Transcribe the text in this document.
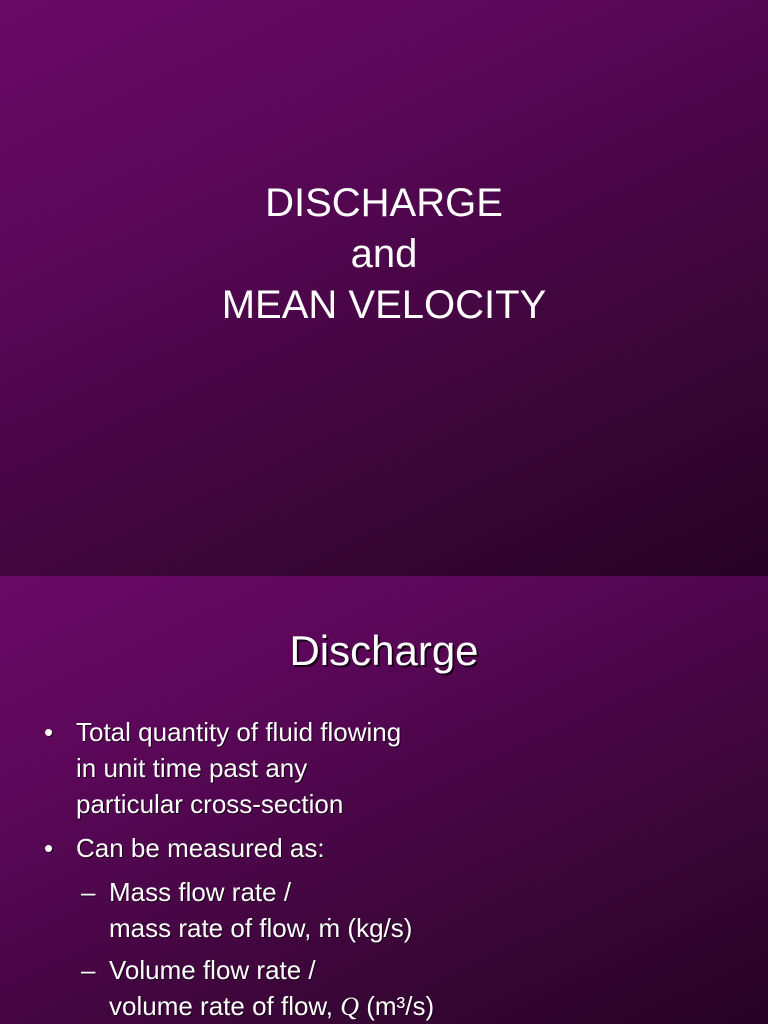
DISCHARGE
and
MEAN VELOCITY
Discharge
• Total quantity of fluid flowing
in unit time past any
particular cross-section
• Can be measured as:
– Mass flow rate /
mass rate of flow, ṁ (kg/s)
– Volume flow rate /
volume rate of flow, Q (m³/s)
